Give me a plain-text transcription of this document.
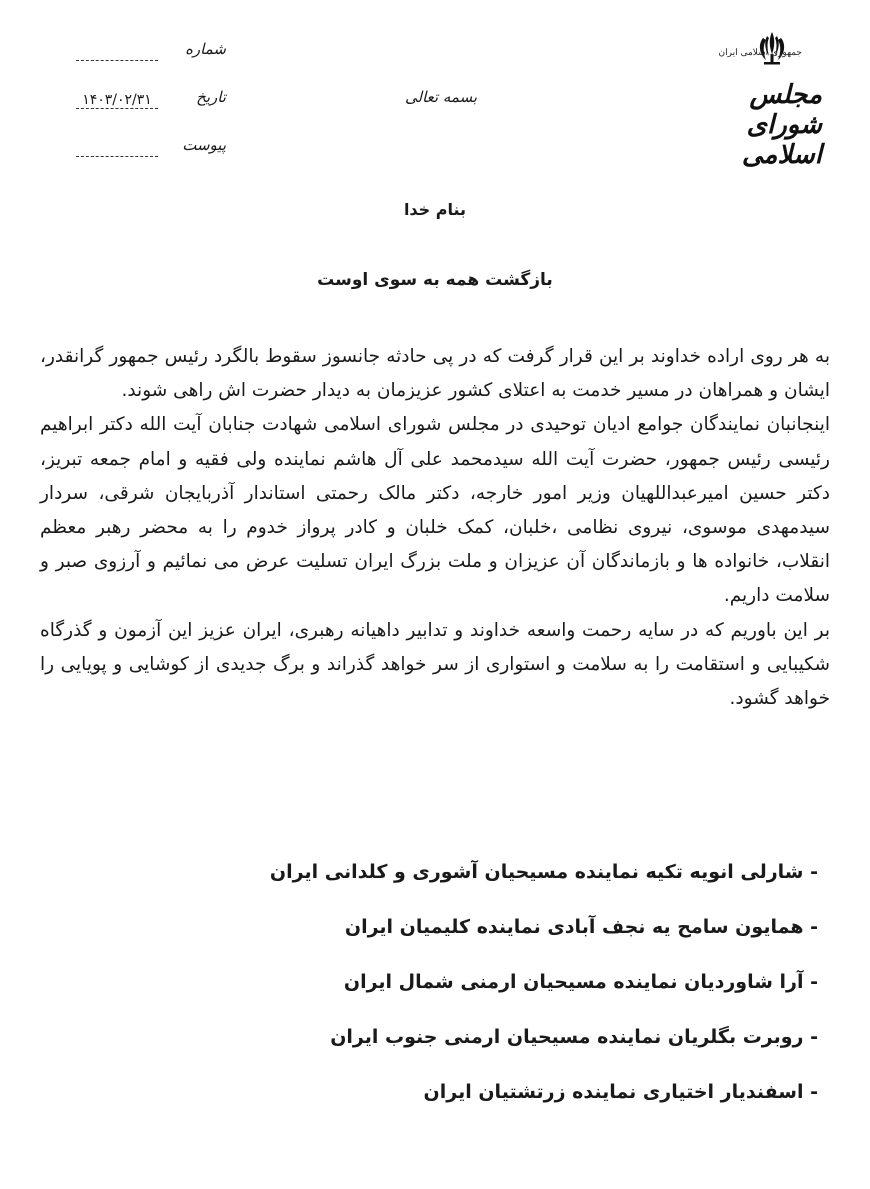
جمهوری اسلامی ایران
مجلس شورای اسلامی
بسمه تعالی
شماره
تاریخ
۱۴۰۳/۰۲/۳۱
پیوست
بنام خدا
بازگشت همه به سوی اوست

به هر روی اراده خداوند بر این قرار گرفت که در پی حادثه جانسوز سقوط بالگرد رئیس جمهور گرانقدر، ایشان و همراهان در مسیر خدمت به اعتلای کشور عزیزمان به دیدار حضرت اش راهی شوند.

اینجانبان نمایندگان جوامع ادیان توحیدی در مجلس شورای اسلامی شهادت جنابان آیت الله دکتر ابراهیم رئیسی رئیس جمهور، حضرت آیت الله سیدمحمد علی آل هاشم نماینده ولی فقیه و امام جمعه تبریز، دکتر حسین امیرعبداللهیان وزیر امور خارجه، دکتر مالک رحمتی استاندار آذربایجان شرقی، سردار سیدمهدی موسوی، نیروی نظامی ،خلبان، کمک خلبان و کادر پرواز خدوم را به محضر رهبر معظم انقلاب، خانواده ها و بازماندگان آن عزیزان و ملت بزرگ ایران تسلیت عرض می نمائیم و آرزوی صبر و سلامت داریم.

بر این باوریم که در سایه رحمت واسعه خداوند و تدابیر داهیانه رهبری، ایران عزیز این آزمون و گذرگاه شکیبایی و استقامت را به سلامت و استواری از سر خواهد گذراند و برگ جدیدی از کوشایی و پویایی را خواهد گشود.

- شارلی انویه تکیه نماینده مسیحیان آشوری و کلدانی ایران
- همایون سامح یه نجف آبادی نماینده کلیمیان ایران
- آرا شاوردیان نماینده مسیحیان ارمنی شمال ایران
- روبرت بگلریان نماینده مسیحیان ارمنی جنوب ایران
- اسفندیار اختیاری نماینده زرتشتیان ایران
